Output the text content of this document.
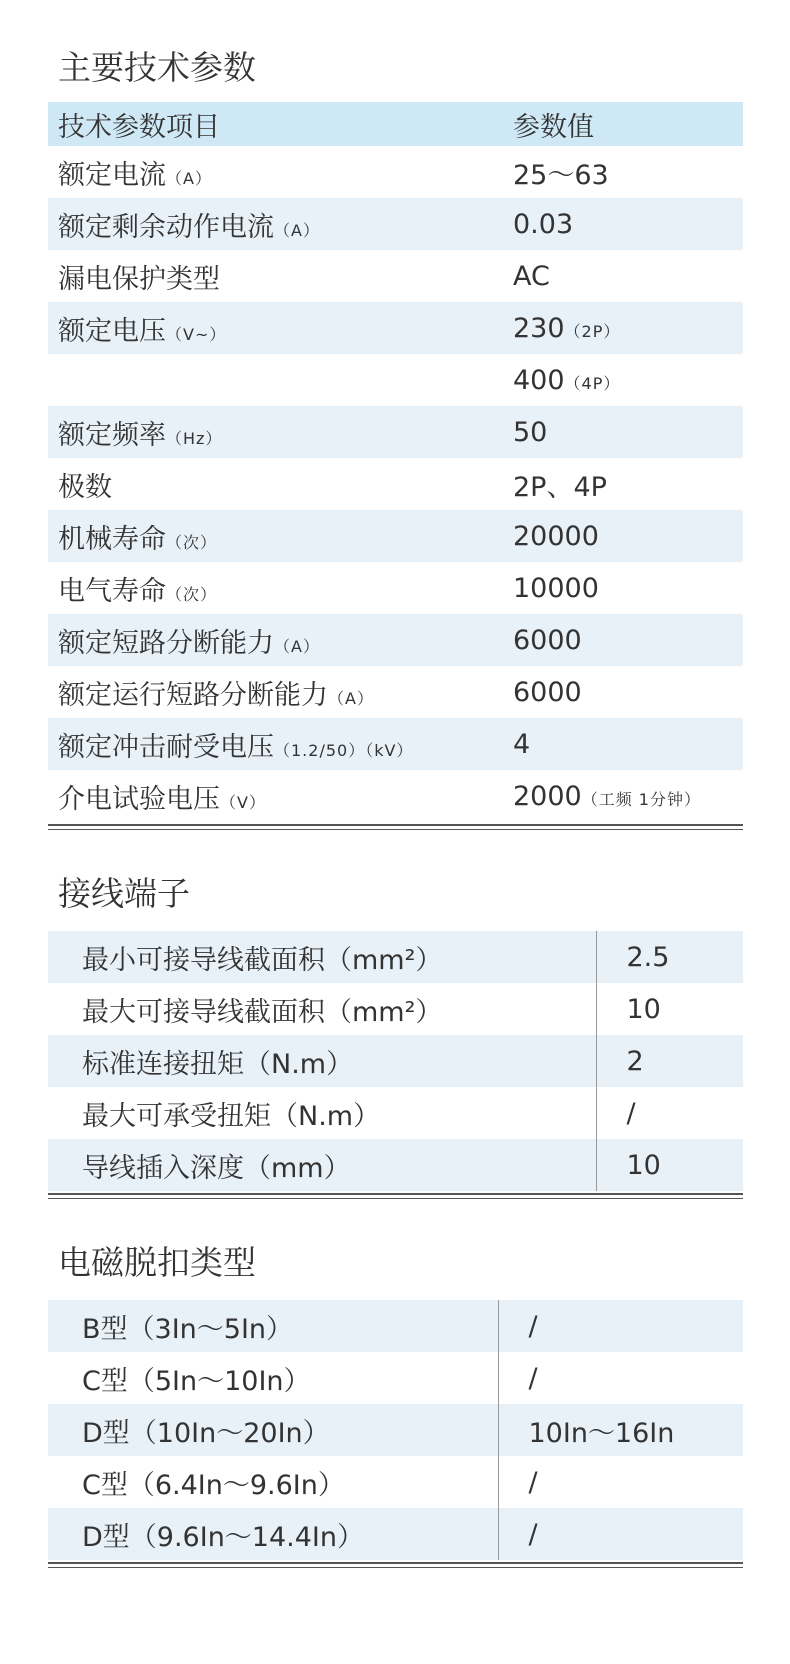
主要技术参数
技术参数项目	参数值
额定电流（A）	25～63
额定剩余动作电流（A）	0.03
漏电保护类型	AC
额定电压（V~）	230（2P）
	400（4P）
额定频率（Hz）	50
极数	2P、4P
机械寿命（次）	20000
电气寿命（次）	10000
额定短路分断能力（A）	6000
额定运行短路分断能力（A）	6000
额定冲击耐受电压（1.2/50）（kV）	4
介电试验电压（V）	2000（工频 1分钟）
接线端子
最小可接导线截面积（mm²）	2.5
最大可接导线截面积（mm²）	10
标准连接扭矩（N.m）	2
最大可承受扭矩（N.m）	/
导线插入深度（mm）	10
电磁脱扣类型
B型（3In～5In）	/
C型（5In～10In）	/
D型（10In～20In）	10In～16In
C型（6.4In～9.6In）	/
D型（9.6In～14.4In）	/
